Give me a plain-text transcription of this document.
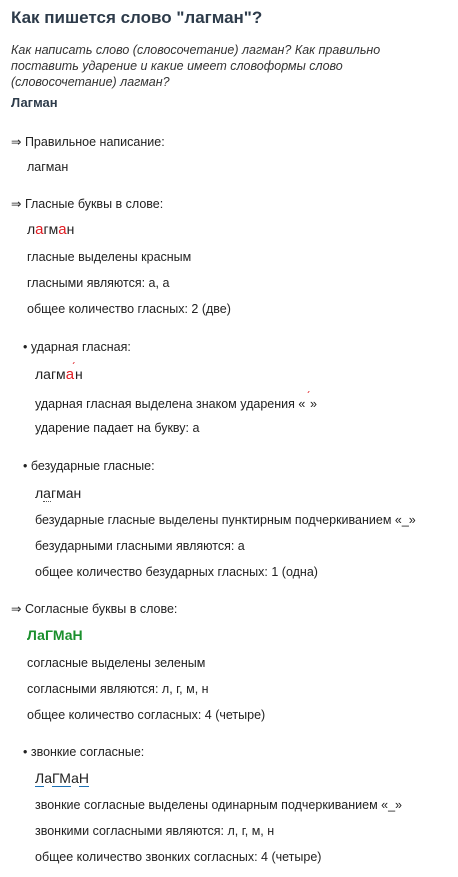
Как пишется слово "лагман"?
Как написать слово (словосочетание) лагман? Как правильно поставить ударение и какие имеет словоформы слово (словосочетание) лагман?
Лагман
⇒ Правильное написание:
лагман
⇒ Гласные буквы в слове:
лагман
гласные выделены красным
гласными являются: а, а
общее количество гласных: 2 (две)
• ударная гласная:
лагман
ударная гласная выделена знаком ударения « ́»
ударение падает на букву: а
• безударные гласные:
лагман
безударные гласные выделены пунктирным подчеркиванием «_»
безударными гласными являются: а
общее количество безударных гласных: 1 (одна)
⇒ Согласные буквы в слове:
ЛаГМаН
согласные выделены зеленым
согласными являются: л, г, м, н
общее количество согласных: 4 (четыре)
• звонкие согласные:
ЛаГМаН
звонкие согласные выделены одинарным подчеркиванием «_»
звонкими согласными являются: л, г, м, н
общее количество звонких согласных: 4 (четыре)
